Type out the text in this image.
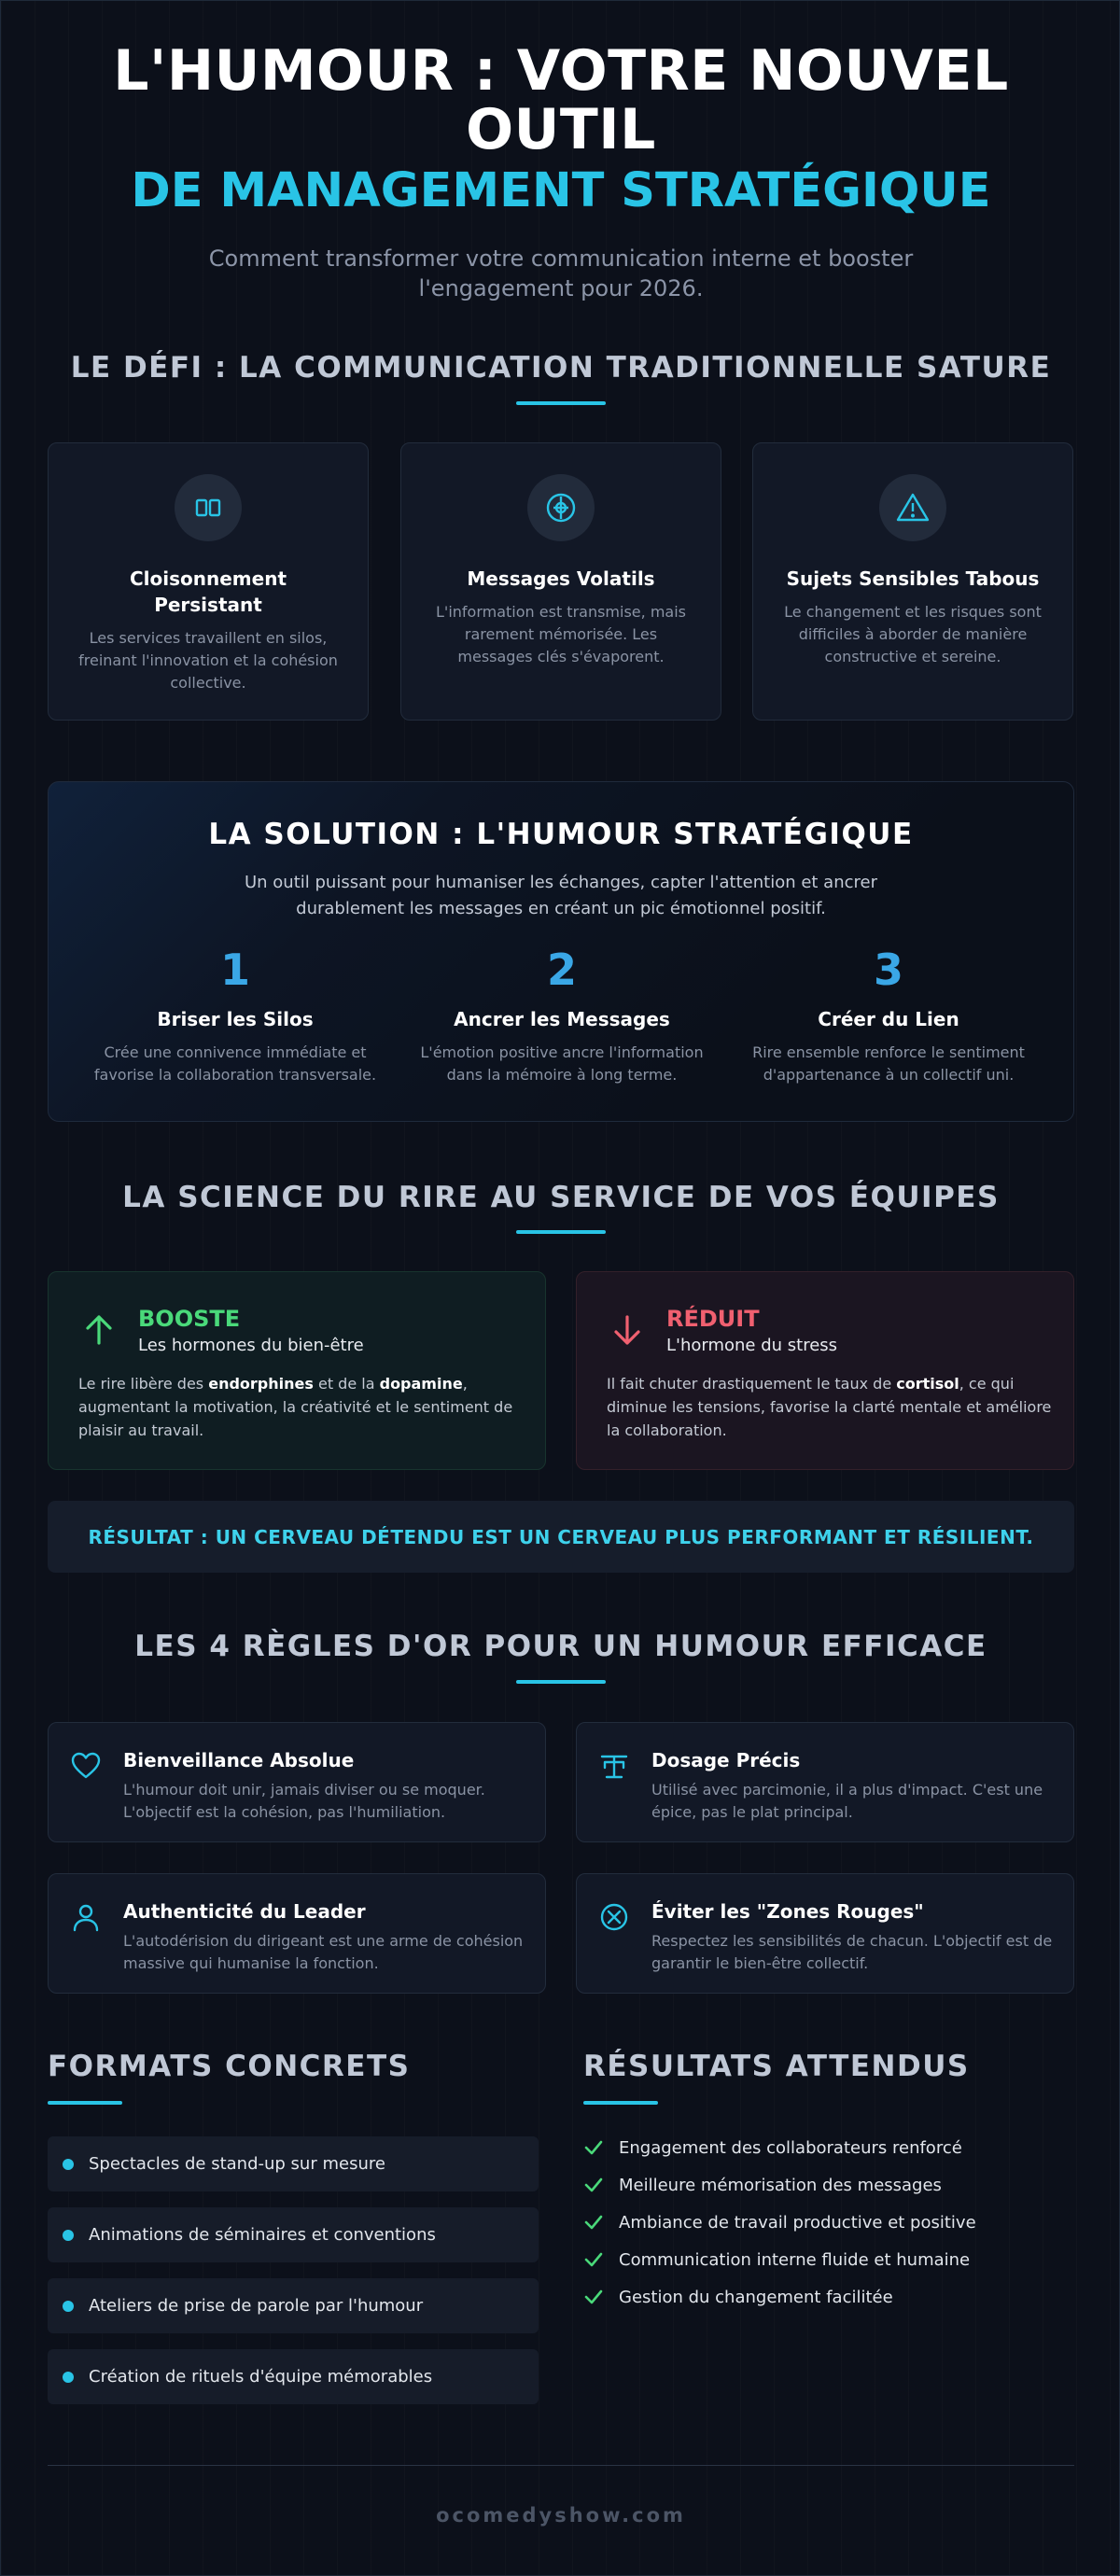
L'HUMOUR : VOTRE NOUVEL
OUTIL
DE MANAGEMENT STRATÉGIQUE

Comment transformer votre communication interne et booster l'engagement pour 2026.

LE DÉFI : LA COMMUNICATION TRADITIONNELLE SATURE
Cloisonnement Persistant
Les services travaillent en silos, freinant l'innovation et la cohésion collective.
Messages Volatils
L'information est transmise, mais rarement mémorisée. Les messages clés s'évaporent.
Sujets Sensibles Tabous
Le changement et les risques sont difficiles à aborder de manière constructive et sereine.
LA SOLUTION : L'HUMOUR STRATÉGIQUE
Un outil puissant pour humaniser les échanges, capter l'attention et ancrer durablement les messages en créant un pic émotionnel positif.
1
Briser les Silos
Crée une connivence immédiate et favorise la collaboration transversale.
2
Ancrer les Messages
L'émotion positive ancre l'information dans la mémoire à long terme.
3
Créer du Lien
Rire ensemble renforce le sentiment d'appartenance à un collectif uni.
LA SCIENCE DU RIRE AU SERVICE DE VOS ÉQUIPES
BOOSTE
Les hormones du bien-être

Le rire libère des endorphines et de la dopamine, augmentant la motivation, la créativité et le sentiment de plaisir au travail.

RÉDUIT
L'hormone du stress

Il fait chuter drastiquement le taux de cortisol, ce qui diminue les tensions, favorise la clarté mentale et améliore la collaboration.

RÉSULTAT : UN CERVEAU DÉTENDU EST UN CERVEAU PLUS PERFORMANT ET RÉSILIENT.
LES 4 RÈGLES D'OR POUR UN HUMOUR EFFICACE
Bienveillance Absolue
L'humour doit unir, jamais diviser ou se moquer. L'objectif est la cohésion, pas l'humiliation.
Dosage Précis
Utilisé avec parcimonie, il a plus d'impact. C'est une épice, pas le plat principal.
Authenticité du Leader
L'autodérision du dirigeant est une arme de cohésion massive qui humanise la fonction.
Éviter les "Zones Rouges"
Respectez les sensibilités de chacun. L'objectif est de garantir le bien-être collectif.
FORMATS CONCRETS
Spectacles de stand-up sur mesure
Animations de séminaires et conventions
Ateliers de prise de parole par l'humour
Création de rituels d'équipe mémorables
RÉSULTATS ATTENDUS
Engagement des collaborateurs renforcé
Meilleure mémorisation des messages
Ambiance de travail productive et positive
Communication interne fluide et humaine
Gestion du changement facilitée
ocomedyshow.com
